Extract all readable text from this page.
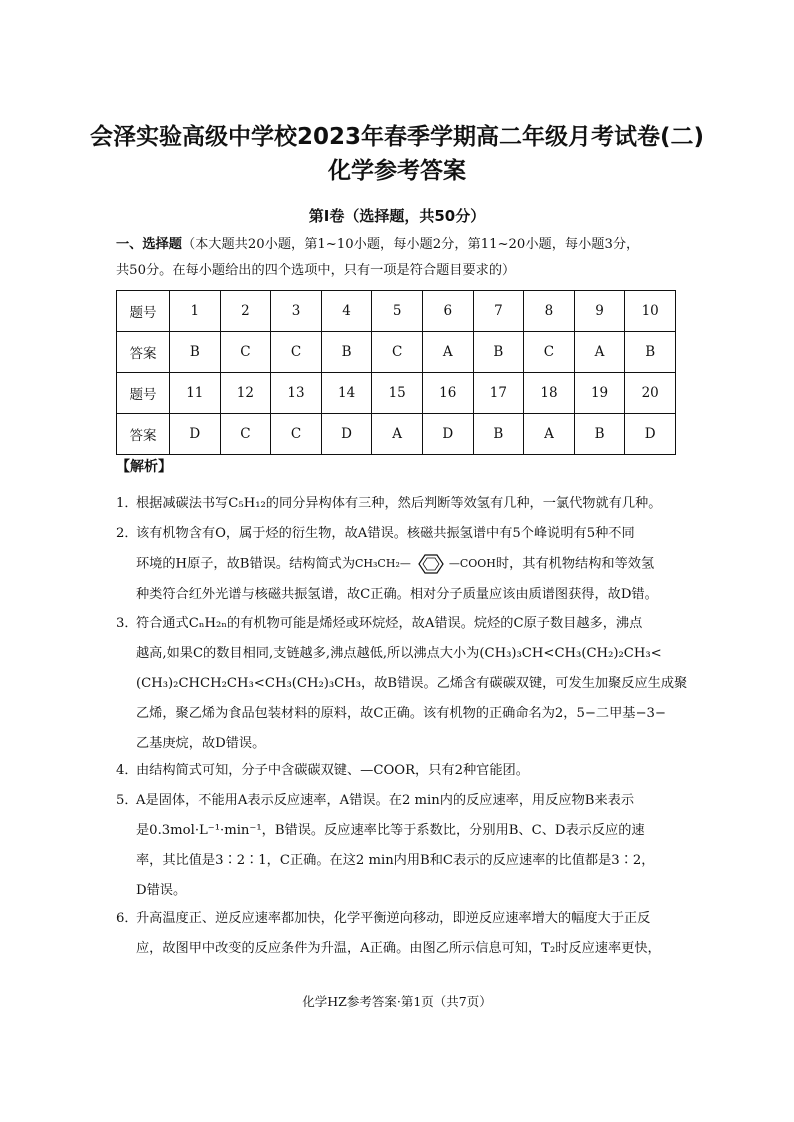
会泽实验高级中学校2023年春季学期高二年级月考试卷(二)
化学参考答案
第Ⅰ卷（选择题，共50分）
一、选择题（本大题共20小题，第1~10小题，每小题2分，第11~20小题，每小题3分，
共50分。在每小题给出的四个选项中，只有一项是符合题目要求的）
题号	1	2	3	4	5	6	7	8	9	10
答案	B	C	C	B	C	A	B	C	A	B
题号	11	12	13	14	15	16	17	18	19	20
答案	D	C	C	D	A	D	B	A	B	D
【解析】
1．
根据减碳法书写C₅H₁₂的同分异构体有三种，然后判断等效氢有几种，一氯代物就有几种。
2．
该有机物含有O，属于烃的衍生物，故A错误。核磁共振氢谱中有5个峰说明有5种不同
环境的H原子，故B错误。结构简式为CH₃CH₂—	—COOH时，其有机物结构和等效氢
种类符合红外光谱与核磁共振氢谱，故C正确。相对分子质量应该由质谱图获得，故D错。
3．
符合通式CₙH₂ₙ的有机物可能是烯烃或环烷烃，故A错误。烷烃的C原子数目越多，沸点
越高,如果C的数目相同,支链越多,沸点越低,所以沸点大小为(CH₃)₃CH<CH₃(CH₂)₂CH₃<
(CH₃)₂CHCH₂CH₃<CH₃(CH₂)₃CH₃，故B错误。乙烯含有碳碳双键，可发生加聚反应生成聚
乙烯，聚乙烯为食品包装材料的原料，故C正确。该有机物的正确命名为2，5−二甲基−3−
乙基庚烷，故D错误。
4．
由结构简式可知，分子中含碳碳双键、—COOR，只有2种官能团。
5．
A是固体，不能用A表示反应速率，A错误。在2 min内的反应速率，用反应物B来表示
是0.3mol·L⁻¹·min⁻¹，B错误。反应速率比等于系数比，分别用B、C、D表示反应的速
率，其比值是3∶2∶1，C正确。在这2 min内用B和C表示的反应速率的比值都是3∶2，
D错误。
6．
升高温度正、逆反应速率都加快，化学平衡逆向移动，即逆反应速率增大的幅度大于正反
应，故图甲中改变的反应条件为升温，A正确。由图乙所示信息可知，T₂时反应速率更快，
化学HZ参考答案·第1页（共7页）
